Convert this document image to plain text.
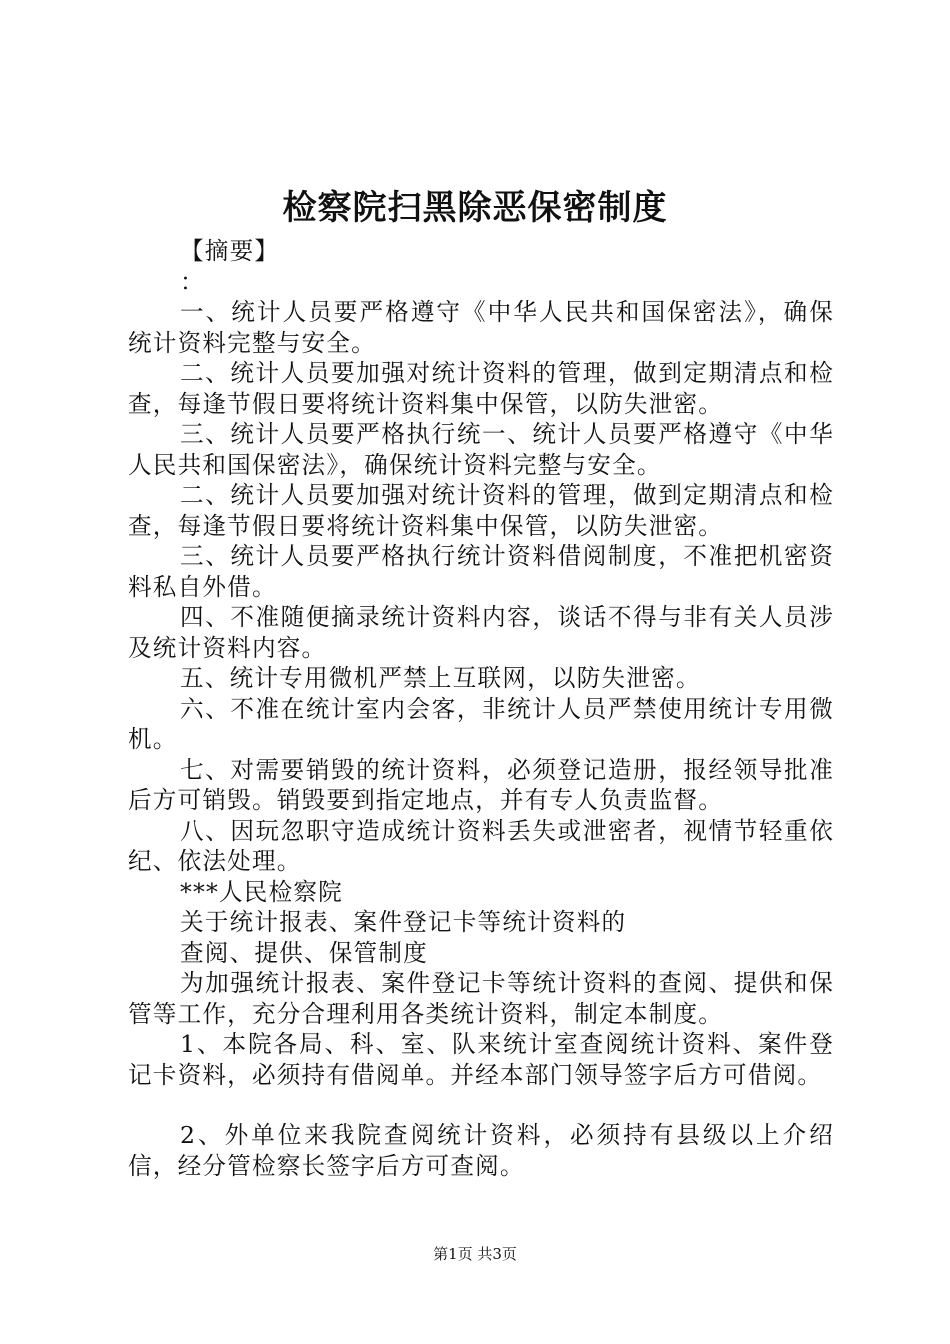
检察院扫黑除恶保密制度

【摘要】

：

一、统计人员要严格遵守《中华人民共和国保密法》，确保统计资料完整与安全。

二、统计人员要加强对统计资料的管理，做到定期清点和检查，每逢节假日要将统计资料集中保管，以防失泄密。

三、统计人员要严格执行统一、统计人员要严格遵守《中华人民共和国保密法》，确保统计资料完整与安全。

二、统计人员要加强对统计资料的管理，做到定期清点和检查，每逢节假日要将统计资料集中保管，以防失泄密。

三、统计人员要严格执行统计资料借阅制度，不准把机密资料私自外借。

四、不准随便摘录统计资料内容，谈话不得与非有关人员涉及统计资料内容。

五、统计专用微机严禁上互联网，以防失泄密。

六、不准在统计室内会客，非统计人员严禁使用统计专用微机。

七、对需要销毁的统计资料，必须登记造册，报经领导批准后方可销毁。销毁要到指定地点，并有专人负责监督。

八、因玩忽职守造成统计资料丢失或泄密者，视情节轻重依纪、依法处理。

***人民检察院

关于统计报表、案件登记卡等统计资料的

查阅、提供、保管制度

为加强统计报表、案件登记卡等统计资料的查阅、提供和保管等工作，充分合理利用各类统计资料，制定本制度。

1、本院各局、科、室、队来统计室查阅统计资料、案件登记卡资料，必须持有借阅单。并经本部门领导签字后方可借阅。

2、外单位来我院查阅统计资料，必须持有县级以上介绍信，经分管检察长签字后方可查阅。

第1页 共3页
